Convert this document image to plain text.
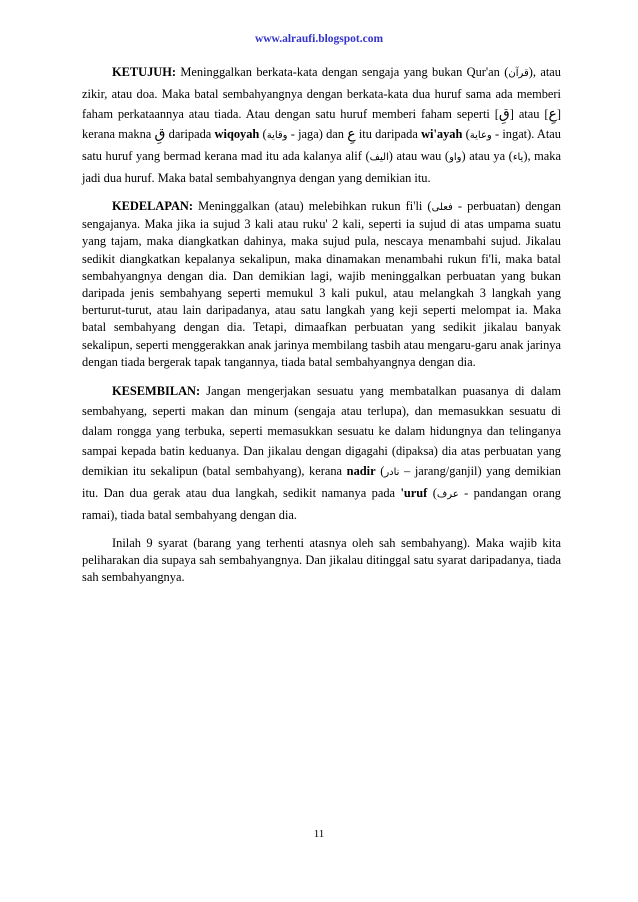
www.alraufi.blogspot.com

KETUJUH: Meninggalkan berkata-kata dengan sengaja yang bukan Qur'an (قرآن), atau zikir, atau doa. Maka batal sembahyangnya dengan berkata-kata dua huruf sama ada memberi faham perkataannya atau tiada. Atau dengan satu huruf memberi faham seperti [قِ] atau [عِ] kerana makna قِ daripada wiqoyah (وقاية - jaga) dan عِ itu daripada wi'ayah (وعاية - ingat). Atau satu huruf yang bermad kerana mad itu ada kalanya alif (اليف) atau wau (واو) atau ya (ياء), maka jadi dua huruf. Maka batal sembahyangnya dengan yang demikian itu.

KEDELAPAN: Meninggalkan (atau) melebihkan rukun fi'li (فعلى - perbuatan) dengan sengajanya. Maka jika ia sujud 3 kali atau ruku' 2 kali, seperti ia sujud di atas umpama suatu yang tajam, maka diangkatkan dahinya, maka sujud pula, nescaya menambahi sujud. Jikalau sedikit diangkatkan kepalanya sekalipun, maka dinamakan menambahi rukun fi'li, maka batal sembahyangnya dengan dia. Dan demikian lagi, wajib meninggalkan perbuatan yang bukan daripada jenis sembahyang seperti memukul 3 kali pukul, atau melangkah 3 langkah yang berturut-turut, atau lain daripadanya, atau satu langkah yang keji seperti melompat ia. Maka batal sembahyang dengan dia. Tetapi, dimaafkan perbuatan yang sedikit jikalau banyak sekalipun, seperti menggerakkan anak jarinya membilang tasbih atau mengaru-garu anak jarinya dengan tiada bergerak tapak tangannya, tiada batal sembahyangnya dengan dia.

KESEMBILAN: Jangan mengerjakan sesuatu yang membatalkan puasanya di dalam sembahyang, seperti makan dan minum (sengaja atau terlupa), dan memasukkan sesuatu di dalam rongga yang terbuka, seperti memasukkan sesuatu ke dalam hidungnya dan telinganya sampai kepada batin keduanya. Dan jikalau dengan digagahi (dipaksa) dia atas perbuatan yang demikian itu sekalipun (batal sembahyang), kerana nadir (نادر – jarang/ganjil) yang demikian itu. Dan dua gerak atau dua langkah, sedikit namanya pada 'uruf (عرف - pandangan orang ramai), tiada batal sembahyang dengan dia.

Inilah 9 syarat (barang yang terhenti atasnya oleh sah sembahyang). Maka wajib kita peliharakan dia supaya sah sembahyangnya. Dan jikalau ditinggal satu syarat daripadanya, tiada sah sembahyangnya.

11
